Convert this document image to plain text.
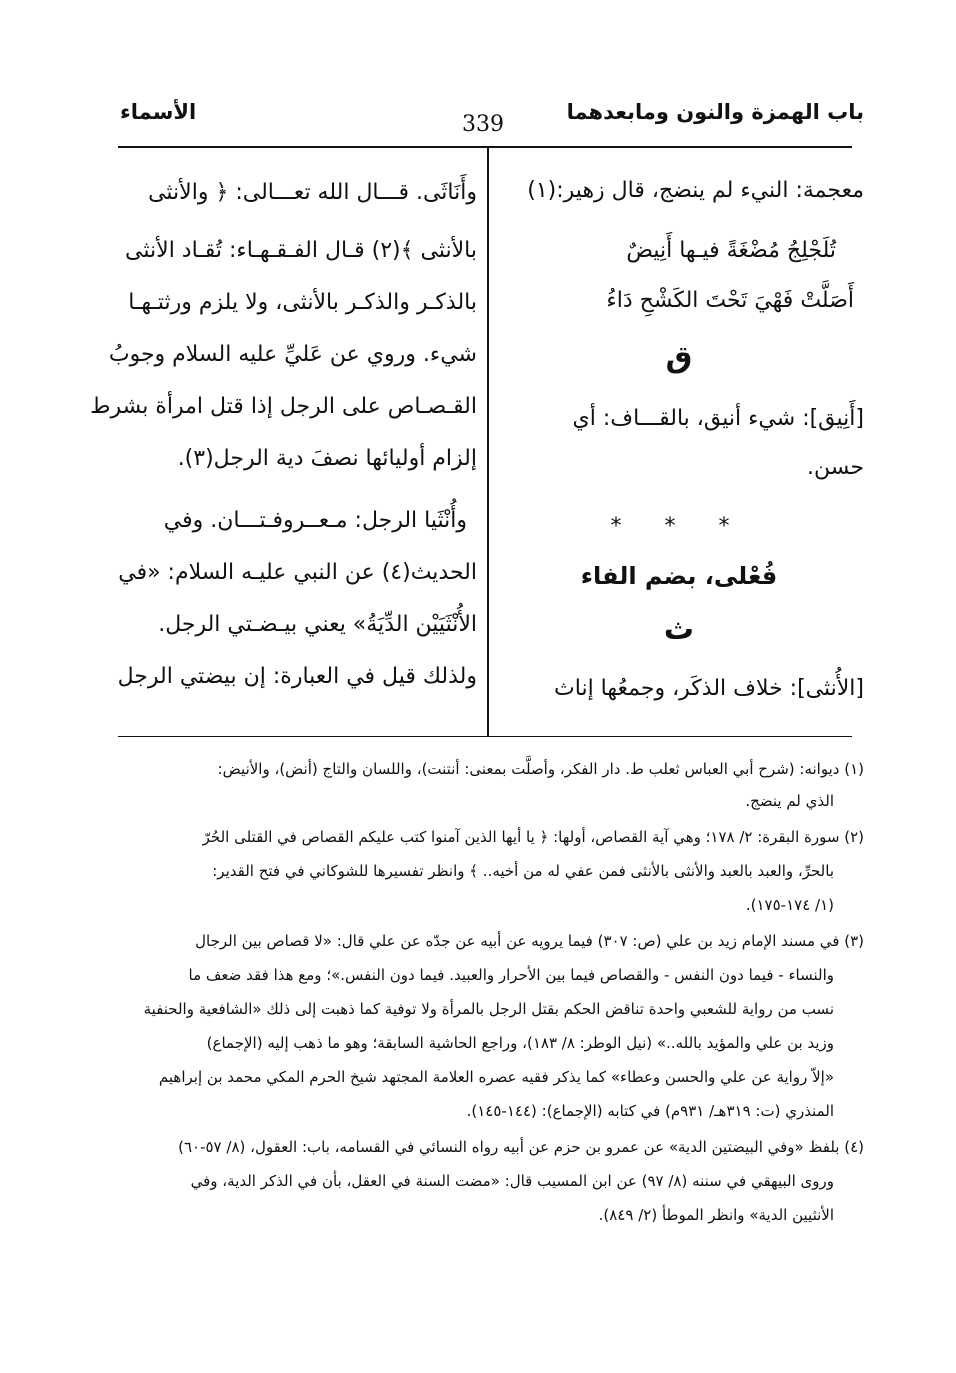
باب الهمزة والنون ومابعدهما
339
الأسماء
معجمة: النيء لم ينضج، قال زهير:(١)
تُلَجْلِجُ مُضْغَةً فيـها أَنِيضٌ
أَصَلَّتْ فَهْيَ تَحْتَ الكَشْحِ دَاءُ
ق
[أَنِيق]: شيء أنيق، بالقـــاف: أي
حسن.
* * *
فُعْلى، بضم الفاء
ث
[الأُنثى]: خلاف الذكَر، وجمعُها إناث
وأَنَاثَى. قـــال الله تعـــالى: ﴿ والأنثى
بالأنثى ﴾(٢) قـال الفـقـهـاء: تُقـاد الأنثى
بالذكـر والذكـر بالأنثى، ولا يلزم ورثتـهـا
شيء. وروي عن عَليِّ عليه السلام وجوبُ
القـصـاص على الرجل إذا قتل امرأة بشرط
إلزام أوليائها نصفَ دية الرجل(٣).
وأُنْثَيا الرجل: مـعــروفـتـــان. وفي
الحديث(٤) عن النبي عليـه السلام: «في
الأُنْثَيَيْن الدِّيَةُ» يعني بيـضـتي الرجل.
ولذلك قيل في العبارة: إن بيضتي الرجل
(١) ديوانه: (شرح أبي العباس ثعلب ط. دار الفكر، وأصلَّت بمعنى: أنتنت)، واللسان والتاج (أنض)، والأنيض:
الذي لم ينضج.
(٢) سورة البقرة: ٢/ ١٧٨؛ وهي آية القصاص، أولها: ﴿ يا أيها الذين آمنوا كتب عليكم القصاص في القتلى الحُرّ
بالحرِّ، والعبد بالعبد والأنثى بالأنثى فمن عفي له من أخيه.. ﴾ وانظر تفسيرها للشوكاني في فتح القدير:
(١/ ١٧٤-١٧٥).
(٣) في مسند الإمام زيد بن علي (ص: ٣٠٧) فيما يرويه عن أبيه عن جدّه عن علي قال: «لا قصاص بين الرجال
والنساء - فيما دون النفس - والقصاص فيما بين الأحرار والعبيد. فيما دون النفس.»؛ ومع هذا فقد ضعف ما
نسب من رواية للشعبي واحدة تناقض الحكم بقتل الرجل بالمرأة ولا توفية كما ذهبت إلى ذلك «الشافعية والحنفية
وزيد بن علي والمؤيد بالله..» (نيل الوطر: ٨/ ١٨٣)، وراجع الحاشية السابقة؛ وهو ما ذهب إليه (الإجماع)
«إلاّ رواية عن علي والحسن وعطاء» كما يذكر فقيه عصره العلامة المجتهد شيخ الحرم المكي محمد بن إبراهيم
المنذري (ت: ٣١٩هـ/ ٩٣١م) في كتابه (الإجماع): (١٤٤-١٤٥).
(٤) بلفظ «وفي البيضتين الدية» عن عمرو بن حزم عن أبيه رواه النسائي في القسامه، باب: العقول، (٨/ ٥٧-٦٠)
وروى البيهقي في سننه (٨/ ٩٧) عن ابن المسيب قال: «مضت السنة في العقل، بأن في الذكر الدية، وفي
الأنثيين الدية» وانظر الموطأ (٢/ ٨٤٩).
